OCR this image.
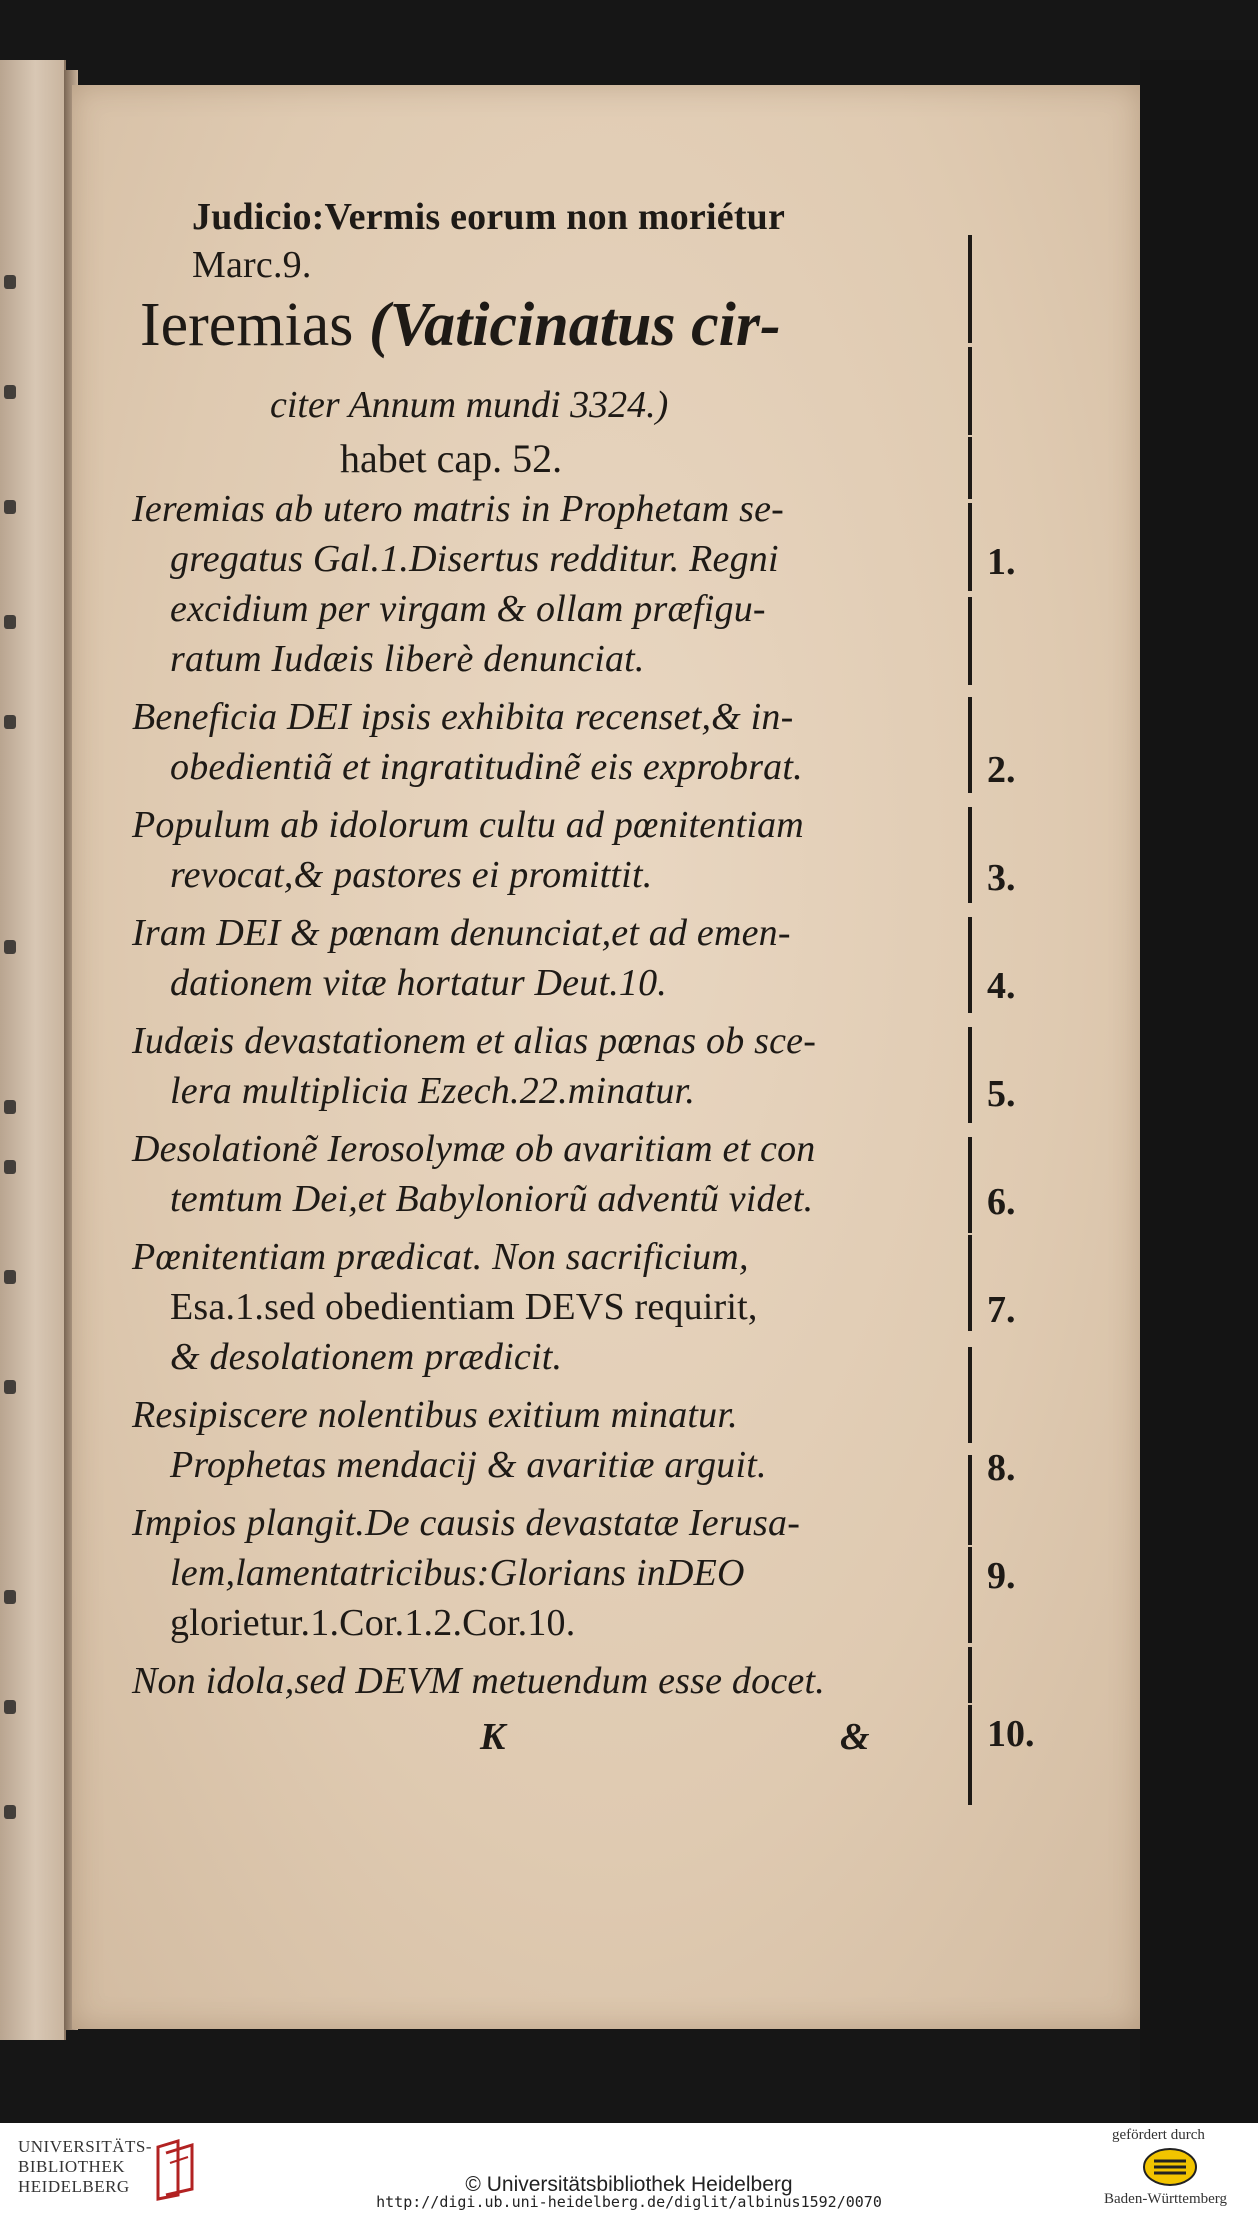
Judicio:Vermis eorum non moriétur
Marc.9.
Ieremias (Vaticinatus cir-
citer Annum mundi 3324.)
habet cap. 52.
Ieremias ab utero matris in Prophetam se-
gregatus Gal.1.Disertus redditur. Regni
excidium per virgam & ollam præfigu-
ratum Iudæis liberè denunciat.
Beneficia DEI ipsis exhibita recenset,& in-
obedientiã et ingratitudinẽ eis exprobrat.
Populum ab idolorum cultu ad pœnitentiam
revocat,& pastores ei promittit.
Iram DEI & pœnam denunciat,et ad emen-
dationem vitæ hortatur Deut.10.
Iudæis devastationem et alias pœnas ob sce-
lera multiplicia Ezech.22.minatur.
Desolationẽ Ierosolymæ ob avaritiam et con
temtum Dei,et Babyloniorũ adventũ videt.
Pœnitentiam prædicat. Non sacrificium,
Esa.1.sed obedientiam DEVS requirit,
& desolationem prædicit.
Resipiscere nolentibus exitium minatur.
Prophetas mendacij & avaritiæ arguit.
Impios plangit.De causis devastatæ Ierusa-
lem,lamentatricibus:Glorians inDEO
glorietur.1.Cor.1.2.Cor.10.
Non idola,sed DEVM metuendum esse docet.
K	&
1.
2.
3.
4.
5.
6.
7.
8.
9.
10.
UNIVERSITÄTS-
BIBLIOTHEK
HEIDELBERG	© Universitätsbibliothek Heidelberg
http://digi.ub.uni-heidelberg.de/diglit/albinus1592/0070
gefördert durch
Baden-Württemberg
